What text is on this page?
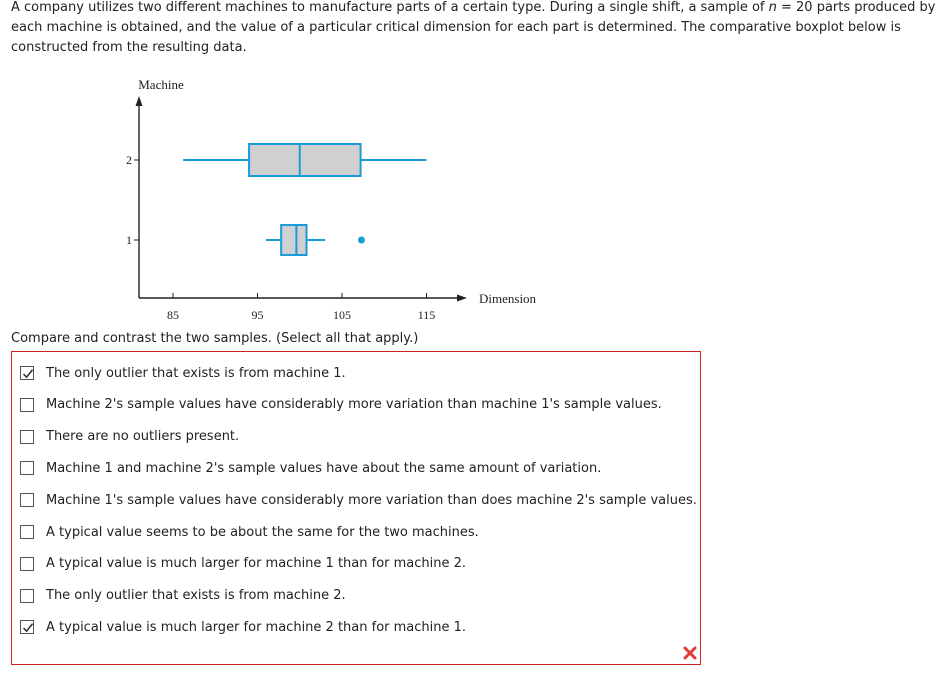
A company utilizes two different machines to manufacture parts of a certain type. During a single shift, a sample of n = 20 parts produced by each machine is obtained, and the value of a particular critical dimension for each part is determined. The comparative boxplot below is constructed from the resulting data.

Machine
Dimension
85	95	105	115
1
2

Compare and contrast the two samples. (Select all that apply.)

The only outlier that exists is from machine 1.
Machine 2's sample values have considerably more variation than machine 1's sample values.
There are no outliers present.
Machine 1 and machine 2's sample values have about the same amount of variation.
Machine 1's sample values have considerably more variation than does machine 2's sample values.
A typical value seems to be about the same for the two machines.
A typical value is much larger for machine 1 than for machine 2.
The only outlier that exists is from machine 2.
A typical value is much larger for machine 2 than for machine 1.
